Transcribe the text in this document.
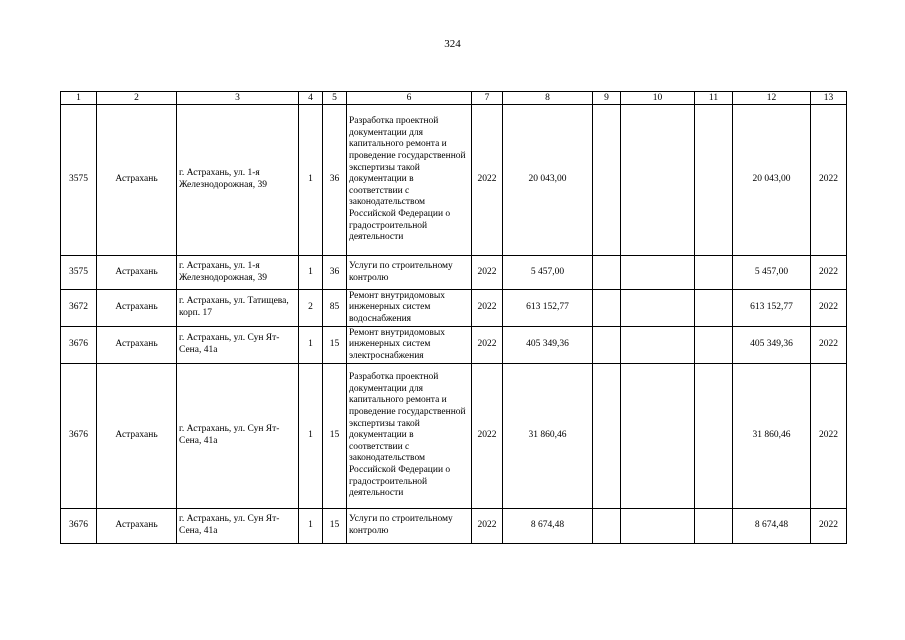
324
1	2	3	4	5	6	7	8	9	10	11	12	13
3575	Астрахань	г. Астрахань, ул. 1-я Железнодорожная, 39	1	36	Разработка проектной документации для капитального ремонта и проведение государственной экспертизы такой документации в соответствии с законодательством Российской Федерации о градостроительной деятельности	2022	20 043,00				20 043,00	2022
3575	Астрахань	г. Астрахань, ул. 1-я Железнодорожная, 39	1	36	Услуги по строительному контролю	2022	5 457,00				5 457,00	2022
3672	Астрахань	г. Астрахань, ул. Татищева, корп. 17	2	85	Ремонт внутридомовых инженерных систем водоснабжения	2022	613 152,77				613 152,77	2022
3676	Астрахань	г. Астрахань, ул. Сун Ят-Сена, 41а	1	15	Ремонт внутридомовых инженерных систем электроснабжения	2022	405 349,36				405 349,36	2022
3676	Астрахань	г. Астрахань, ул. Сун Ят-Сена, 41а	1	15	Разработка проектной документации для капитального ремонта и проведение государственной экспертизы такой документации в соответствии с законодательством Российской Федерации о градостроительной деятельности	2022	31 860,46				31 860,46	2022
3676	Астрахань	г. Астрахань, ул. Сун Ят-Сена, 41а	1	15	Услуги по строительному контролю	2022	8 674,48				8 674,48	2022
